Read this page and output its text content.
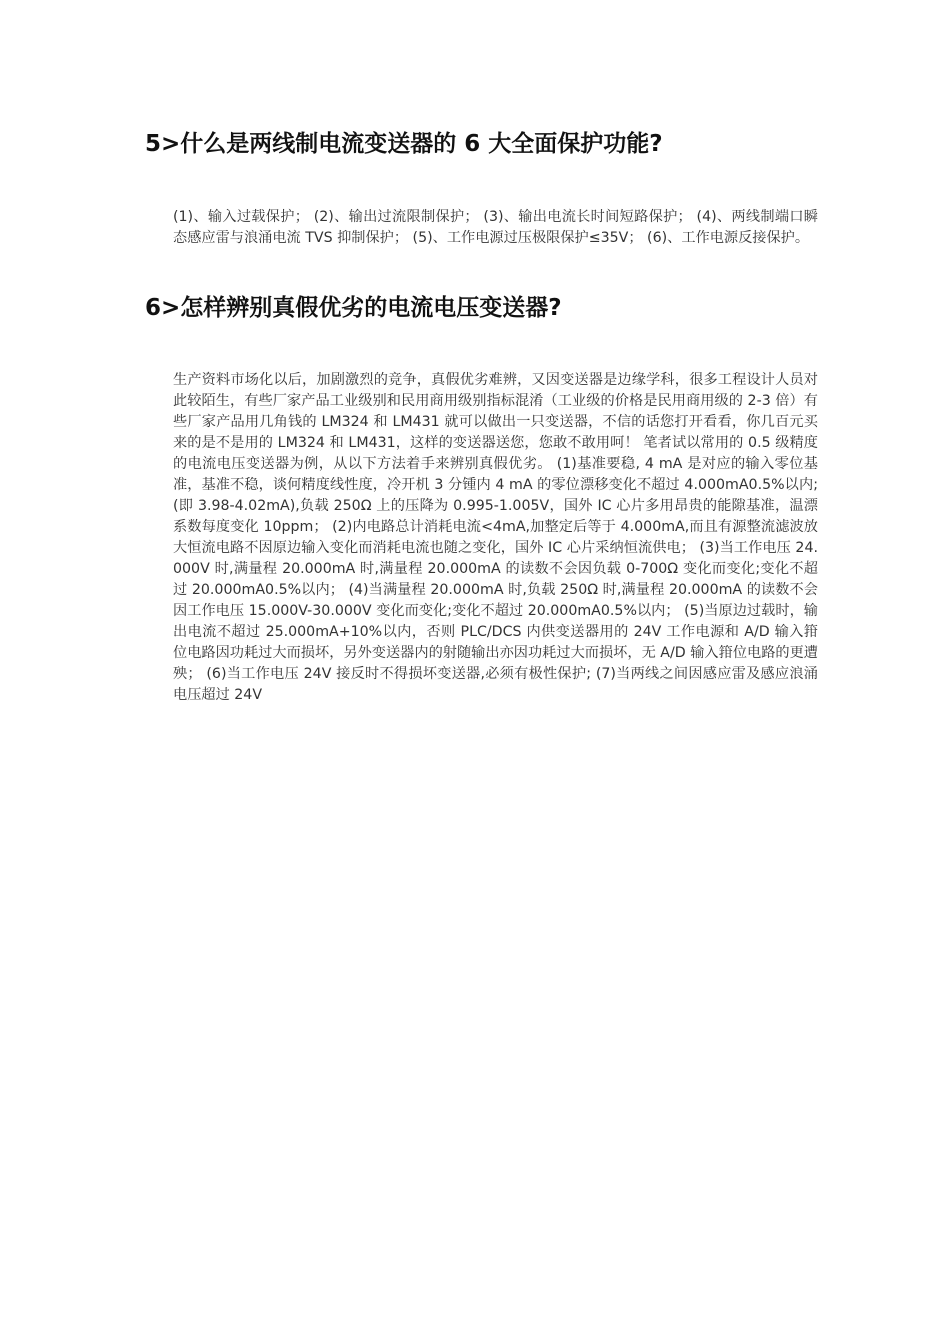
5>什么是两线制电流变送器的 6 大全面保护功能?

(1)、输入过载保护； (2)、输出过流限制保护； (3)、输出电流长时间短路保护； (4)、两线制端口瞬态感应雷与浪涌电流 TVS 抑制保护； (5)、工作电源过压极限保护≤35V； (6)、工作电源反接保护。

6>怎样辨别真假优劣的电流电压变送器?

生产资料市场化以后，加剧激烈的竞争，真假优劣难辨，又因变送器是边缘学科，很多工程设计人员对此较陌生，有些厂家产品工业级别和民用商用级别指标混淆（工业级的价格是民用商用级的 2-3 倍）有些厂家产品用几角钱的 LM324 和 LM431 就可以做出一只变送器，不信的话您打开看看，你几百元买来的是不是用的 LM324 和 LM431，这样的变送器送您，您敢不敢用呵！ 笔者试以常用的 0.5 级精度的电流电压变送器为例，从以下方法着手来辨别真假优劣。 (1)基准要稳, 4 mA 是对应的输入零位基准，基准不稳，谈何精度线性度，冷开机 3 分锺内 4 mA 的零位漂移变化不超过 4.000mA0.5%以内;(即 3.98-4.02mA),负载 250Ω 上的压降为 0.995-1.005V，国外 IC 心片多用昂贵的能隙基准，温漂系数每度变化 10ppm； (2)内电路总计消耗电流<4mA,加整定后等于 4.000mA,而且有源整流滤波放大恒流电路不因原边输入变化而消耗电流也随之变化，国外 IC 心片采纳恒流供电； (3)当工作电压 24.000V 时,满量程 20.000mA 时,满量程 20.000mA 的读数不会因负载 0-700Ω 变化而变化;变化不超过 20.000mA0.5%以内； (4)当满量程 20.000mA 时,负载 250Ω 时,满量程 20.000mA 的读数不会因工作电压 15.000V-30.000V 变化而变化;变化不超过 20.000mA0.5%以内； (5)当原边过载时，输出电流不超过 25.000mA+10%以内，否则 PLC/DCS 内供变送器用的 24V 工作电源和 A/D 输入箝位电路因功耗过大而损坏，另外变送器内的射随输出亦因功耗过大而损坏，无 A/D 输入箝位电路的更遭殃； (6)当工作电压 24V 接反时不得损坏变送器,必须有极性保护; (7)当两线之间因感应雷及感应浪涌电压超过 24V
